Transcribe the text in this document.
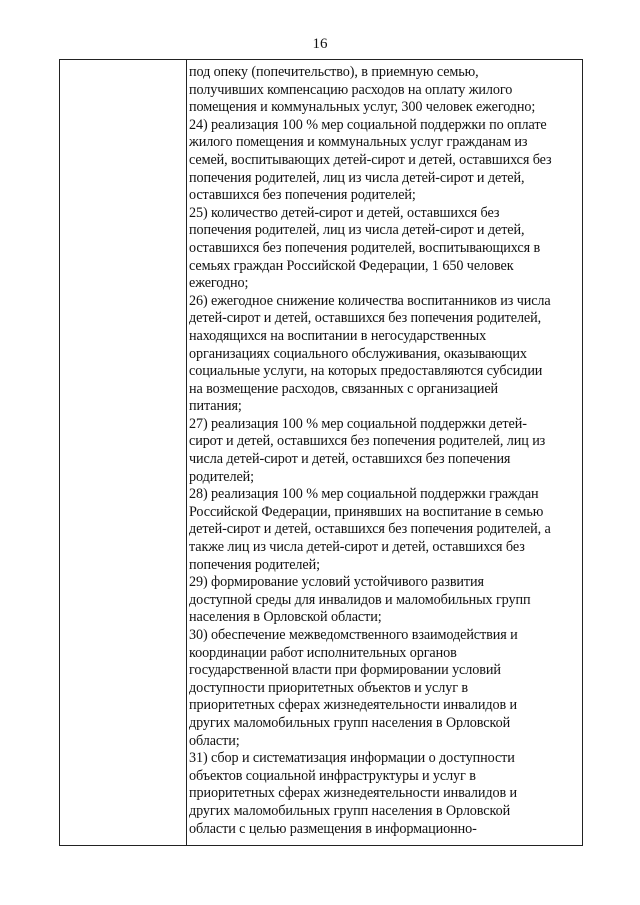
16
под опеку (попечительство), в приемную семью,
получивших компенсацию расходов на оплату жилого
помещения и коммунальных услуг, 300 человек ежегодно;
24) реализация 100 % мер социальной поддержки по оплате
жилого помещения и коммунальных услуг гражданам из
семей, воспитывающих детей-сирот и детей, оставшихся без
попечения родителей, лиц из числа детей-сирот и детей,
оставшихся без попечения родителей;
25) количество детей-сирот и детей, оставшихся без
попечения родителей, лиц из числа детей-сирот и детей,
оставшихся без попечения родителей, воспитывающихся в
семьях граждан Российской Федерации, 1 650 человек
ежегодно;
26) ежегодное снижение количества воспитанников из числа
детей-сирот и детей, оставшихся без попечения родителей,
находящихся на воспитании в негосударственных
организациях социального обслуживания, оказывающих
социальные услуги, на которых предоставляются субсидии
на возмещение расходов, связанных с организацией
питания;
27) реализация 100 % мер социальной поддержки детей-
сирот и детей, оставшихся без попечения родителей, лиц из
числа детей-сирот и детей, оставшихся без попечения
родителей;
28) реализация 100 % мер социальной поддержки граждан
Российской Федерации, принявших на воспитание в семью
детей-сирот и детей, оставшихся без попечения родителей, а
также лиц из числа детей-сирот и детей, оставшихся без
попечения родителей;
29) формирование условий устойчивого развития
доступной среды для инвалидов и маломобильных групп
населения в Орловской области;
30) обеспечение межведомственного взаимодействия и
координации работ исполнительных органов
государственной власти при формировании условий
доступности приоритетных объектов и услуг в
приоритетных сферах жизнедеятельности инвалидов и
других маломобильных групп населения в Орловской
области;
31) сбор и систематизация информации о доступности
объектов социальной инфраструктуры и услуг в
приоритетных сферах жизнедеятельности инвалидов и
других маломобильных групп населения в Орловской
области с целью размещения в информационно-
